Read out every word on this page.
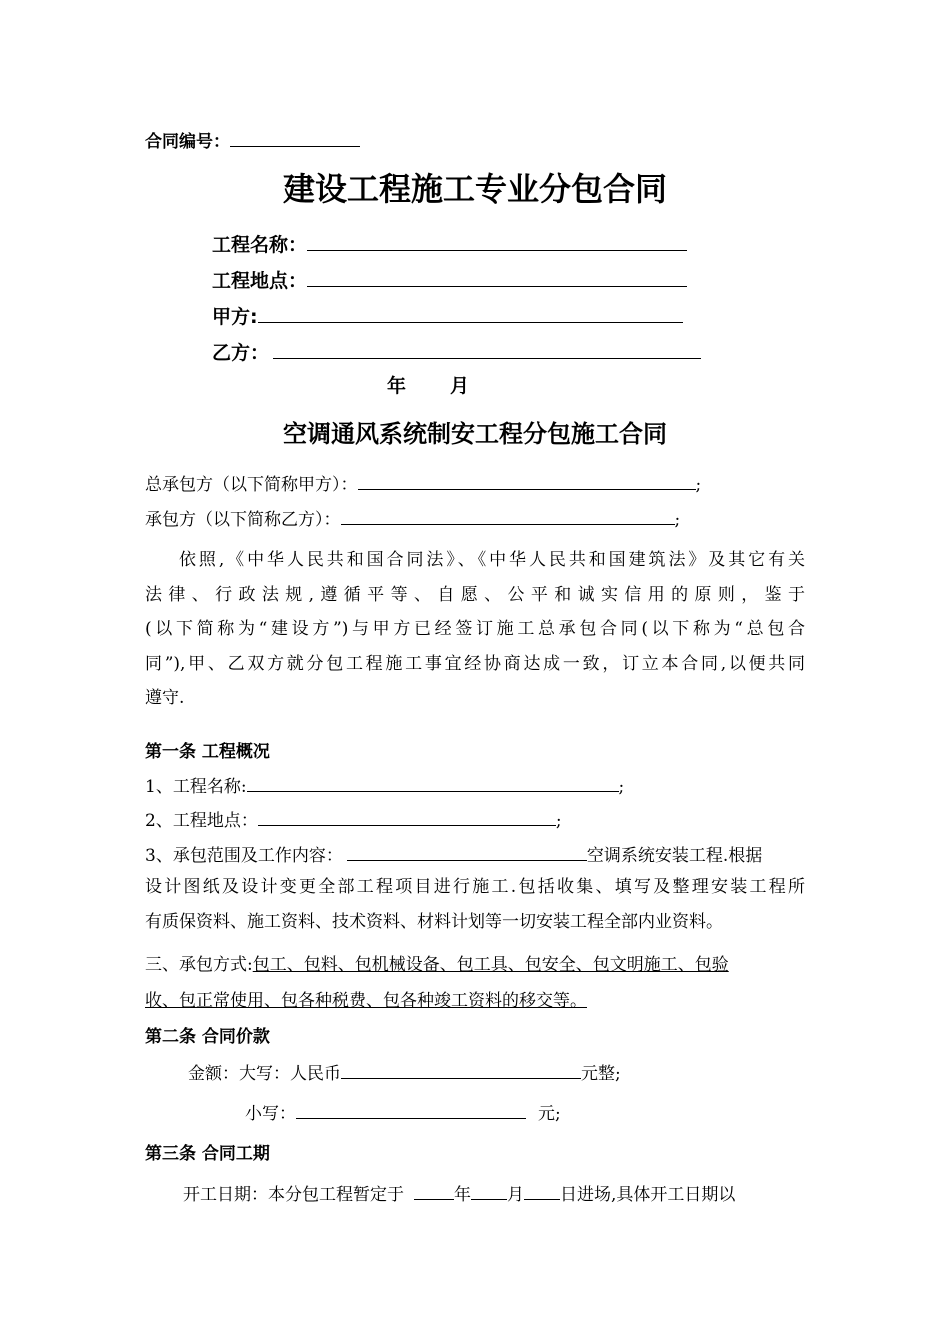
合同编号：
建设工程施工专业分包合同
工程名称：
工程地点：
甲方:
乙方：
年 月
空调通风系统制安工程分包施工合同
总承包方（以下简称甲方）：	;
承包方（以下简称乙方）：	;
依照,《中华人民共和国合同法》、《中华人民共和国建筑法》及其它有关
法律、行政法规,遵循平等、自愿、公平和诚实信用的原则，鉴于
(以下简称为“建设方”)与甲方已经签订施工总承包合同(以下称为“总包合
同”),甲、乙双方就分包工程施工事宜经协商达成一致，订立本合同,以便共同
遵守.
第一条 工程概况
1、工程名称:	;
2、工程地点：	;
3、承包范围及工作内容：	空调系统安装工程.根据
设计图纸及设计变更全部工程项目进行施工.包括收集、填写及整理安装工程所
有质保资料、施工资料、技术资料、材料计划等一切安装工程全部内业资料。
三、承包方式:包工、包料、包机械设备、包工具、包安全、包文明施工、包验
收、包正常使用、包各种税费、包各种竣工资料的移交等。
第二条 合同价款
金额：大写：人民币	元整;
小写：	元;
第三条 合同工期
开工日期：本分包工程暂定于	年 月 日进场,具体开工日期以
